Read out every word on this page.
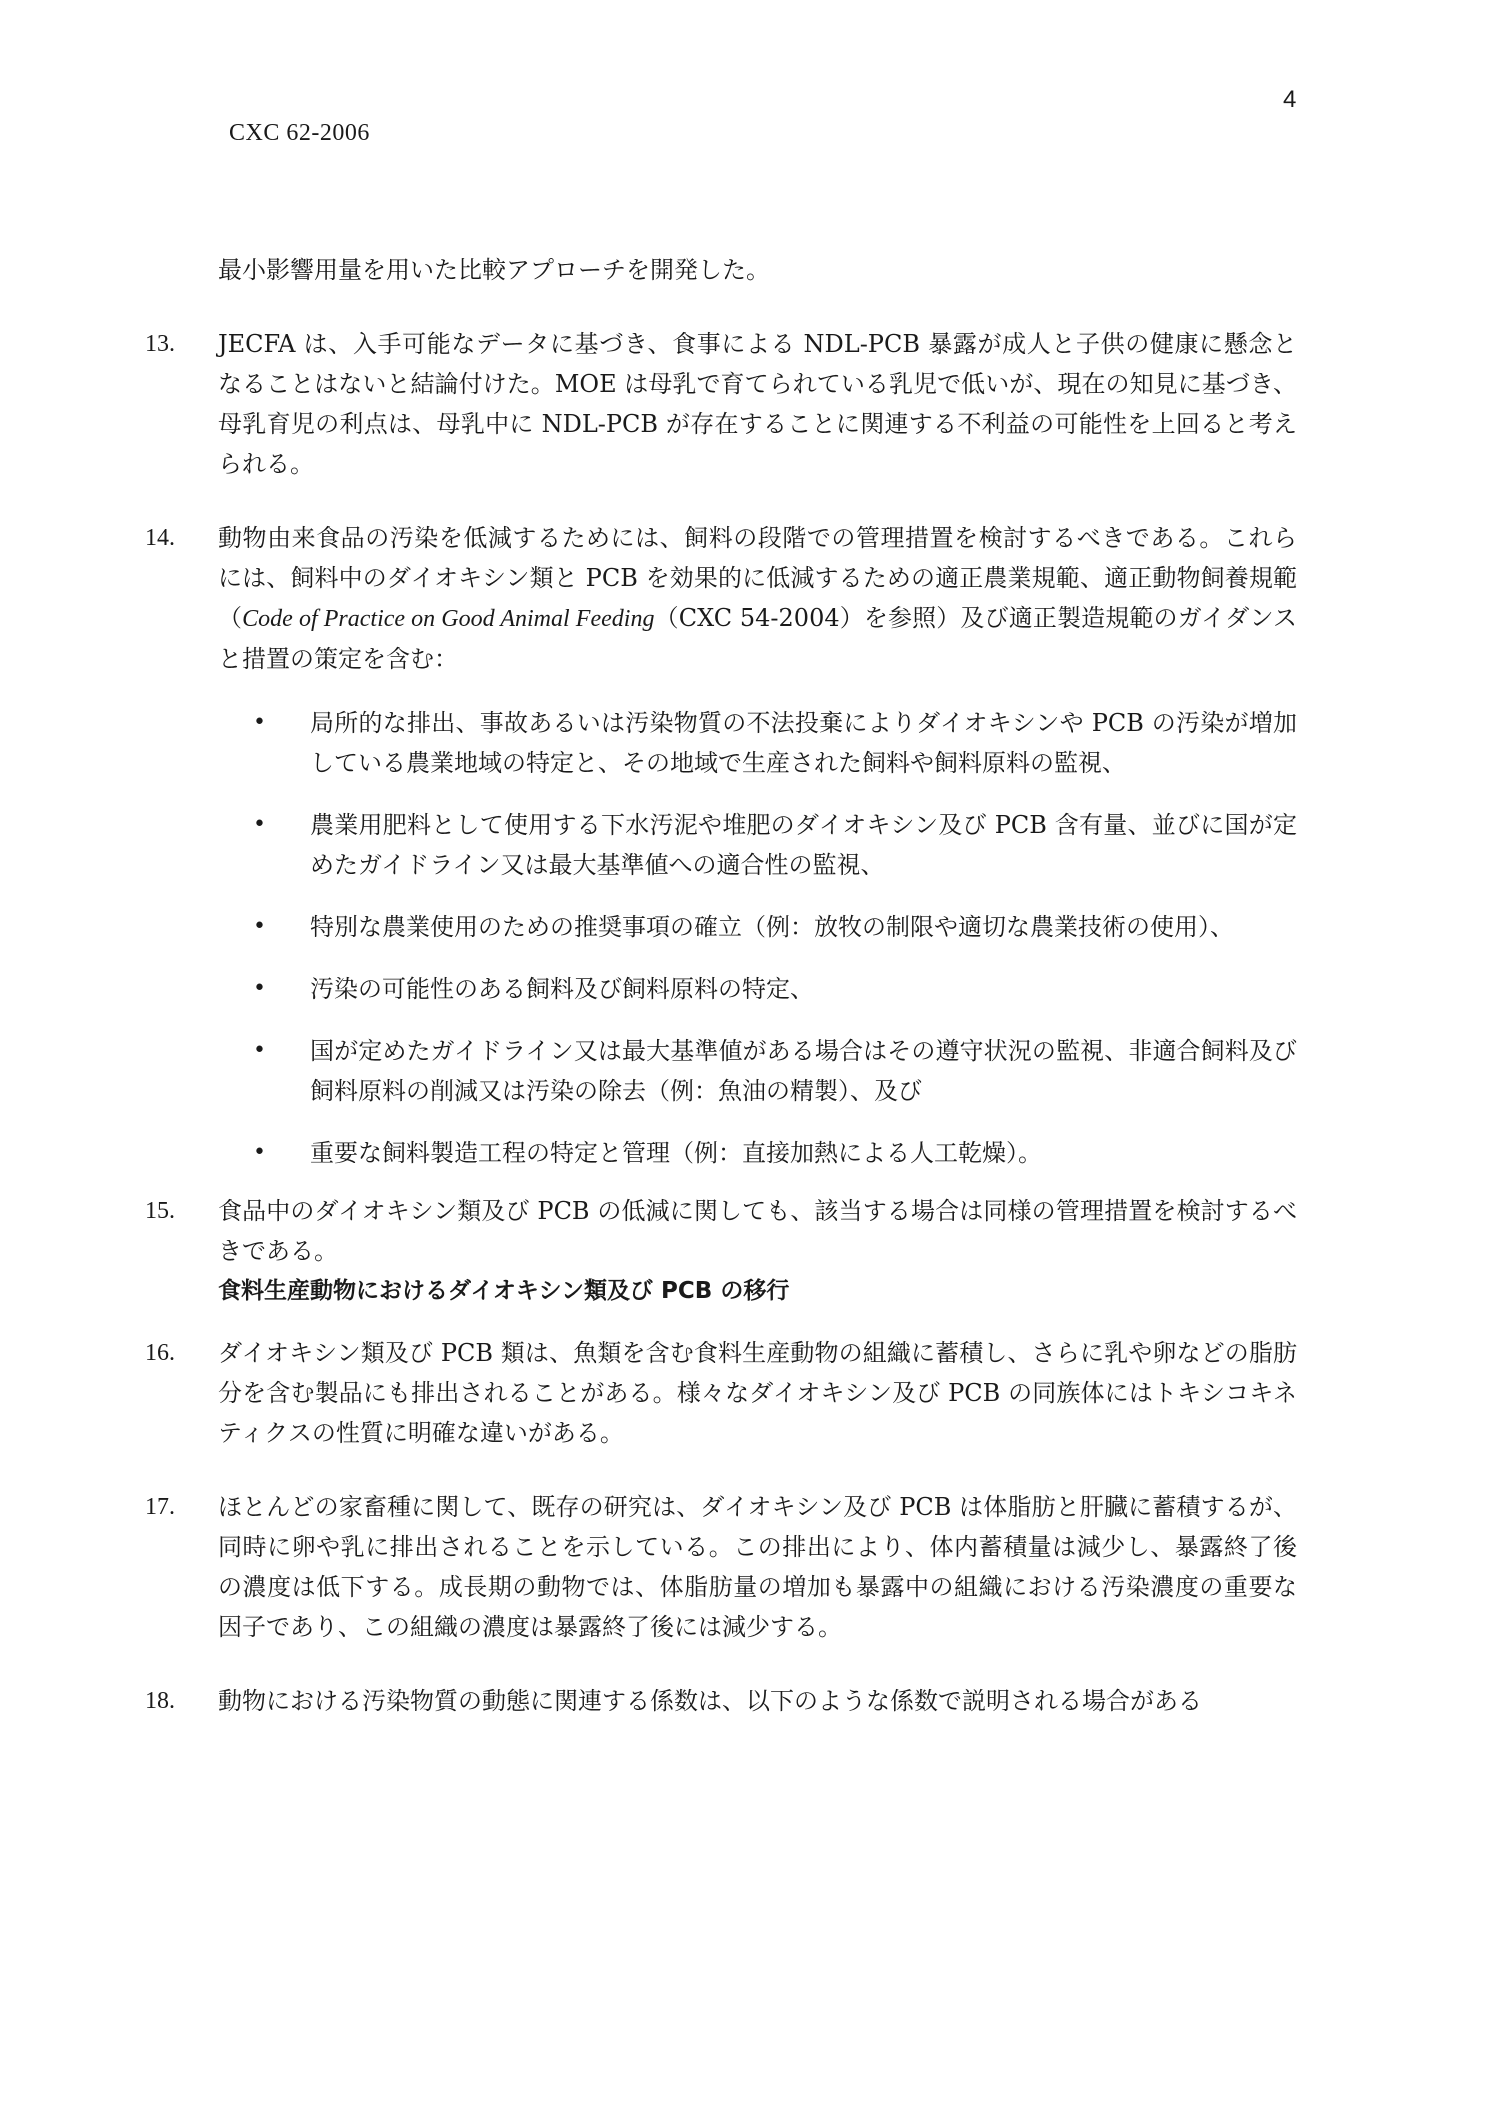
4
CXC 62-2006

最小影響用量を用いた比較アプローチを開発した。

13. JECFA は、入手可能なデータに基づき、食事による NDL-PCB 暴露が成人と子供の健康に懸念となることはないと結論付けた。MOE は母乳で育てられている乳児で低いが、現在の知見に基づき、母乳育児の利点は、母乳中に NDL-PCB が存在することに関連する不利益の可能性を上回ると考えられる。
14. 動物由来食品の汚染を低減するためには、飼料の段階での管理措置を検討するべきである。これらには、飼料中のダイオキシン類と PCB を効果的に低減するための適正農業規範、適正動物飼養規範（Code of Practice on Good Animal Feeding（CXC 54-2004）を参照）及び適正製造規範のガイダンスと措置の策定を含む：
• 局所的な排出、事故あるいは汚染物質の不法投棄によりダイオキシンや PCB の汚染が増加している農業地域の特定と、その地域で生産された飼料や飼料原料の監視、
• 農業用肥料として使用する下水汚泥や堆肥のダイオキシン及び PCB 含有量、並びに国が定めたガイドライン又は最大基準値への適合性の監視、
• 特別な農業使用のための推奨事項の確立（例：放牧の制限や適切な農業技術の使用）、
• 汚染の可能性のある飼料及び飼料原料の特定、
• 国が定めたガイドライン又は最大基準値がある場合はその遵守状況の監視、非適合飼料及び飼料原料の削減又は汚染の除去（例：魚油の精製）、及び
• 重要な飼料製造工程の特定と管理（例：直接加熱による人工乾燥）。
15. 食品中のダイオキシン類及び PCB の低減に関しても、該当する場合は同様の管理措置を検討するべきである。
食料生産動物におけるダイオキシン類及び PCB の移行
16. ダイオキシン類及び PCB 類は、魚類を含む食料生産動物の組織に蓄積し、さらに乳や卵などの脂肪分を含む製品にも排出されることがある。様々なダイオキシン及び PCB の同族体にはトキシコキネティクスの性質に明確な違いがある。
17. ほとんどの家畜種に関して、既存の研究は、ダイオキシン及び PCB は体脂肪と肝臓に蓄積するが、同時に卵や乳に排出されることを示している。この排出により、体内蓄積量は減少し、暴露終了後の濃度は低下する。成長期の動物では、体脂肪量の増加も暴露中の組織における汚染濃度の重要な因子であり、この組織の濃度は暴露終了後には減少する。
18. 動物における汚染物質の動態に関連する係数は、以下のような係数で説明される場合がある
